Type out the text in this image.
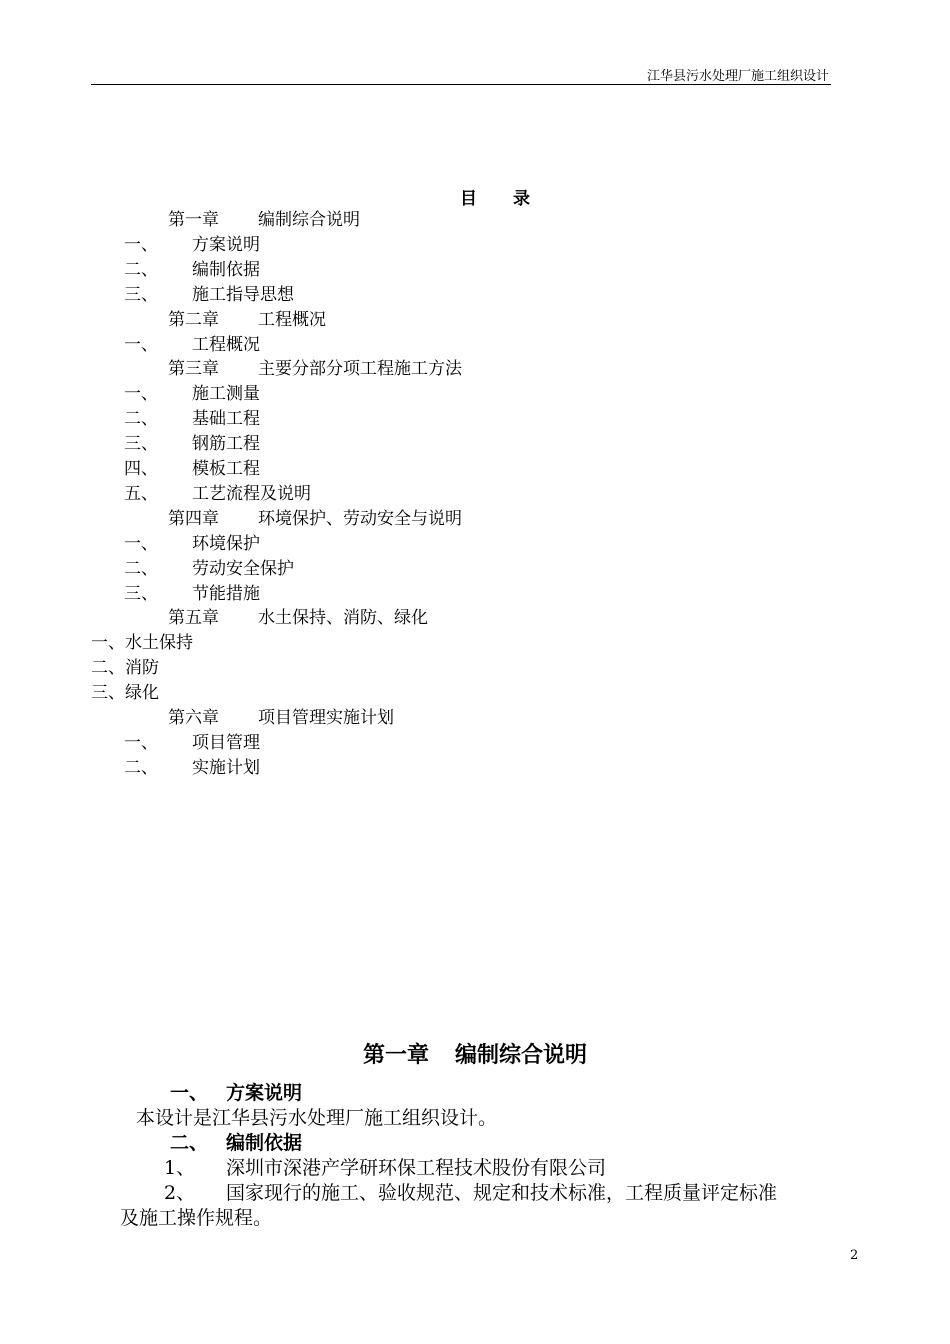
江华县污水处理厂施工组织设计
目 录
第一章 编制综合说明
一、 方案说明
二、 编制依据
三、 施工指导思想
第二章 工程概况
一、 工程概况
第三章 主要分部分项工程施工方法
一、 施工测量
二、 基础工程
三、 钢筋工程
四、 模板工程
五、 工艺流程及说明
第四章 环境保护、劳动安全与说明
一、 环境保护
二、 劳动安全保护
三、 节能措施
第五章 水土保持、消防、绿化
一、水土保持
二、消防
三、绿化
第六章 项目管理实施计划
一、 项目管理
二、 实施计划
第一章 编制综合说明
一、 方案说明
本设计是江华县污水处理厂施工组织设计。
二、 编制依据
1、 深圳市深港产学研环保工程技术股份有限公司
2、 国家现行的施工、验收规范、规定和技术标准，工程质量评定标准
及施工操作规程。
2
